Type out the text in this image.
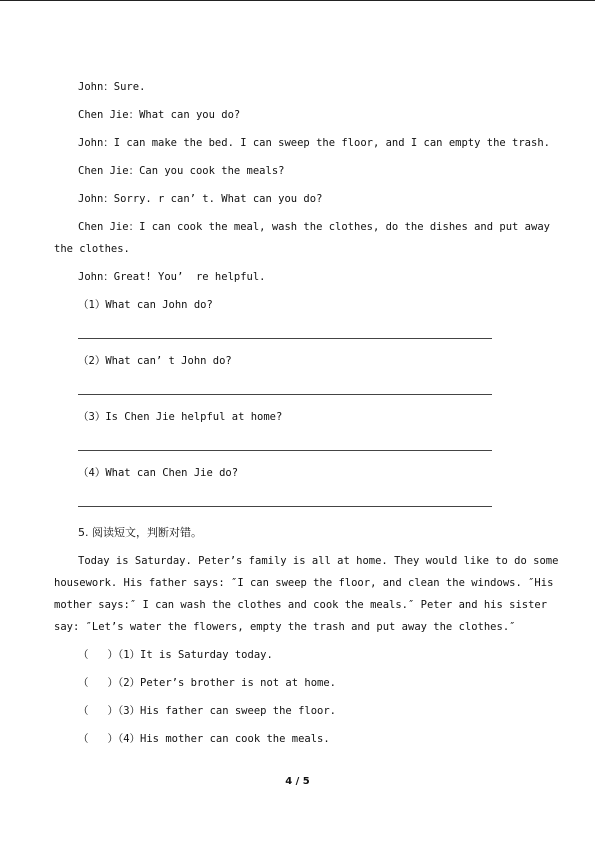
John：Sure.
Chen Jie：What can you do?
John：I can make the bed. I can sweep the floor, and I can empty the trash.
Chen Jie：Can you cook the meals?
John：Sorry. r can’ t. What can you do?
Chen Jie：I can cook the meal, wash the clothes, do the dishes and put away
the clothes.
John：Great! You’  re helpful.
（1）What can John do?
（2）What can’ t John do?
（3）Is Chen Jie helpful at home?
（4）What can Chen Jie do?
5. 阅读短文，判断对错。
Today is Saturday. Peter’s family is all at home. They would like to do some
housework. His father says: ″I can sweep the floor, and clean the windows. ″His
mother says:″ I can wash the clothes and cook the meals.″ Peter and his sister
say: ″Let’s water the flowers, empty the trash and put away the clothes.″
（   ）（1）It is Saturday today.
（   ）（2）Peter’s brother is not at home.
（   ）（3）His father can sweep the floor.
（   ）（4）His mother can cook the meals.
4 / 5
